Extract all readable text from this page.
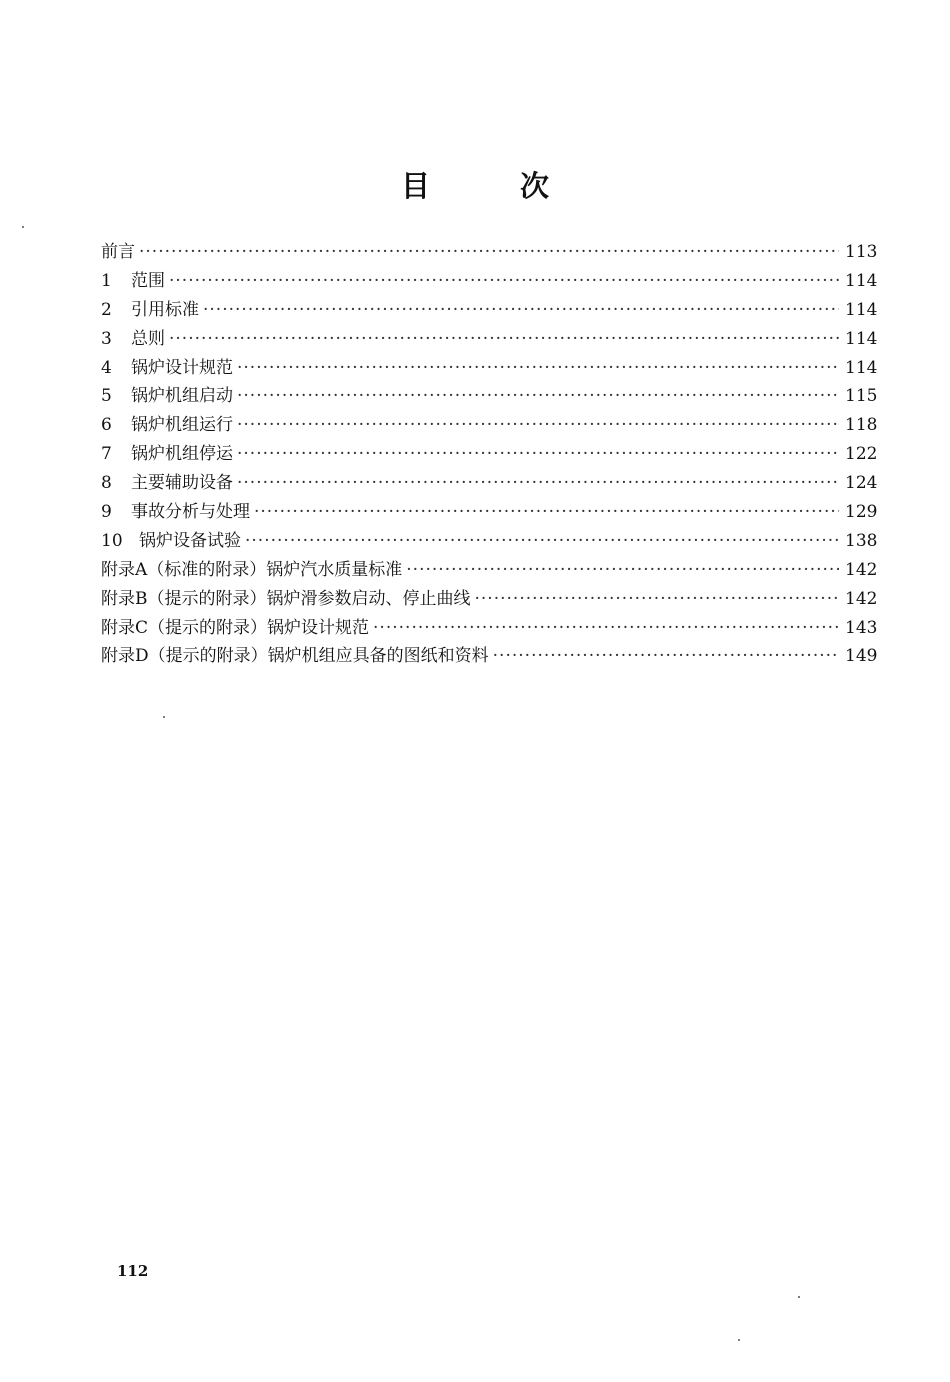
目	次
前言 ·····	113
1	范围 ·····	114
2	引用标准 ·····	114
3	总则 ·····	114
4	锅炉设计规范 ·····	114
5	锅炉机组启动 ·····	115
6	锅炉机组运行 ·····	118
7	锅炉机组停运 ·····	122
8	主要辅助设备 ·····	124
9	事故分析与处理 ·····	129
10 锅炉设备试验 ·····	138
附录A（标准的附录）锅炉汽水质量标准 ·····	142
附录B（提示的附录）锅炉滑参数启动、停止曲线 ·····	142
附录C（提示的附录）锅炉设计规范 ·····	143
附录D（提示的附录）锅炉机组应具备的图纸和资料 ·····	149
112
